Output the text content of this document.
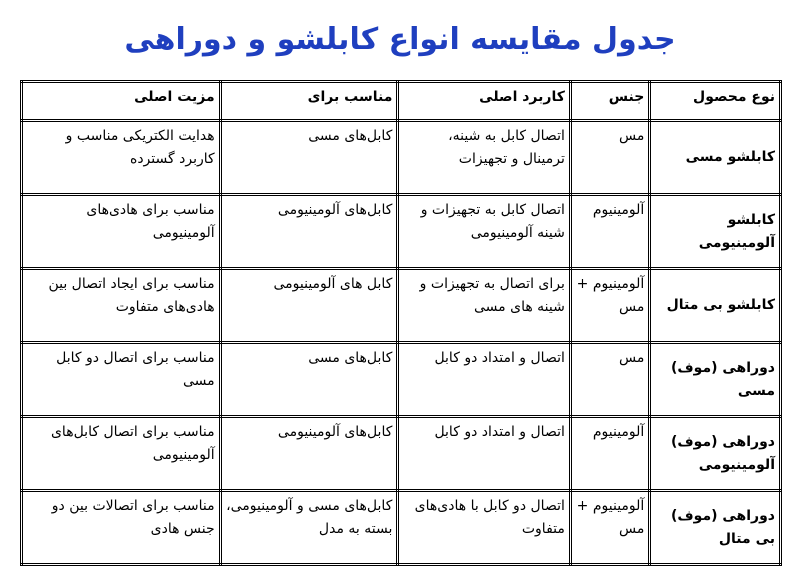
جدول مقایسه انواع کابلشو و دوراهی
نوع محصول	جنس	کاربرد اصلی	مناسب برای	مزیت اصلی
کابلشو مسی	مس	اتصال کابل به شینه، ترمینال و تجهیزات	کابل‌های مسی	هدایت الکتریکی مناسب و کاربرد گسترده
کابلشو آلومینیومی	آلومینیوم	اتصال کابل به تجهیزات و شینه آلومینیومی	کابل‌های آلومینیومی	مناسب برای هادی‌های آلومینیومی
کابلشو بی متال	آلومینیوم + مس	برای اتصال به تجهیزات و شینه های مسی	کابل های آلومینیومی	مناسب برای ایجاد اتصال بین هادی‌های متفاوت
دوراهی (موف) مسی	مس	اتصال و امتداد دو کابل	کابل‌های مسی	مناسب برای اتصال دو کابل مسی
دوراهی (موف) آلومینیومی	آلومینیوم	اتصال و امتداد دو کابل	کابل‌های آلومینیومی	مناسب برای اتصال کابل‌های آلومینیومی
دوراهی (موف) بی متال	آلومینیوم + مس	اتصال دو کابل با هادی‌های متفاوت	کابل‌های مسی و آلومینیومی، بسته به مدل	مناسب برای اتصالات بین دو جنس هادی
